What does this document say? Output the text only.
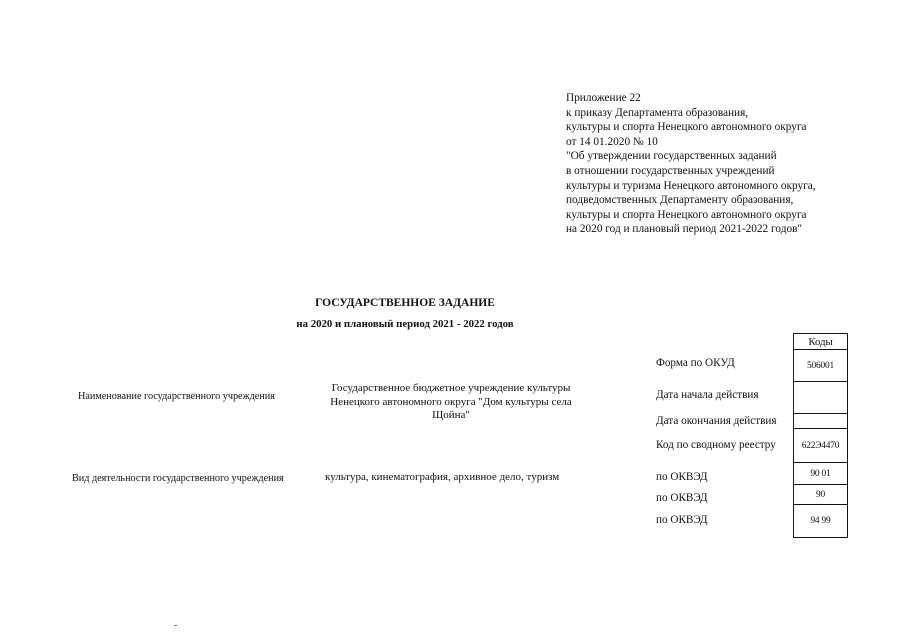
Приложение 22
к приказу Департамента образования,
культуры и спорта Ненецкого автономного округа
от 14 01.2020 № 10
"Об утверждении государственных заданий
в отношении государственных учреждений
культуры и туризма Ненецкого автономного округа,
подведомственных Департаменту образования,
культуры и спорта Ненецкого автономного округа
на 2020 год и плановый период 2021-2022 годов"
ГОСУДАРСТВЕННОЕ ЗАДАНИЕ
на 2020 и плановый период 2021 - 2022 годов
Наименование государственного учреждения
Государственное бюджетное учреждение культуры Ненецкого автономного округа "Дом культуры села Щойна"
Вид деятельности государственного учреждения	культура, кинематография, архивное дело, туризм
Форма по ОКУД
Дата начала действия
Дата окончания действия
Код по сводному реестру
по ОКВЭД
по ОКВЭД
по ОКВЭД
Коды
506001
622Э4470
90 01
90
94 99
